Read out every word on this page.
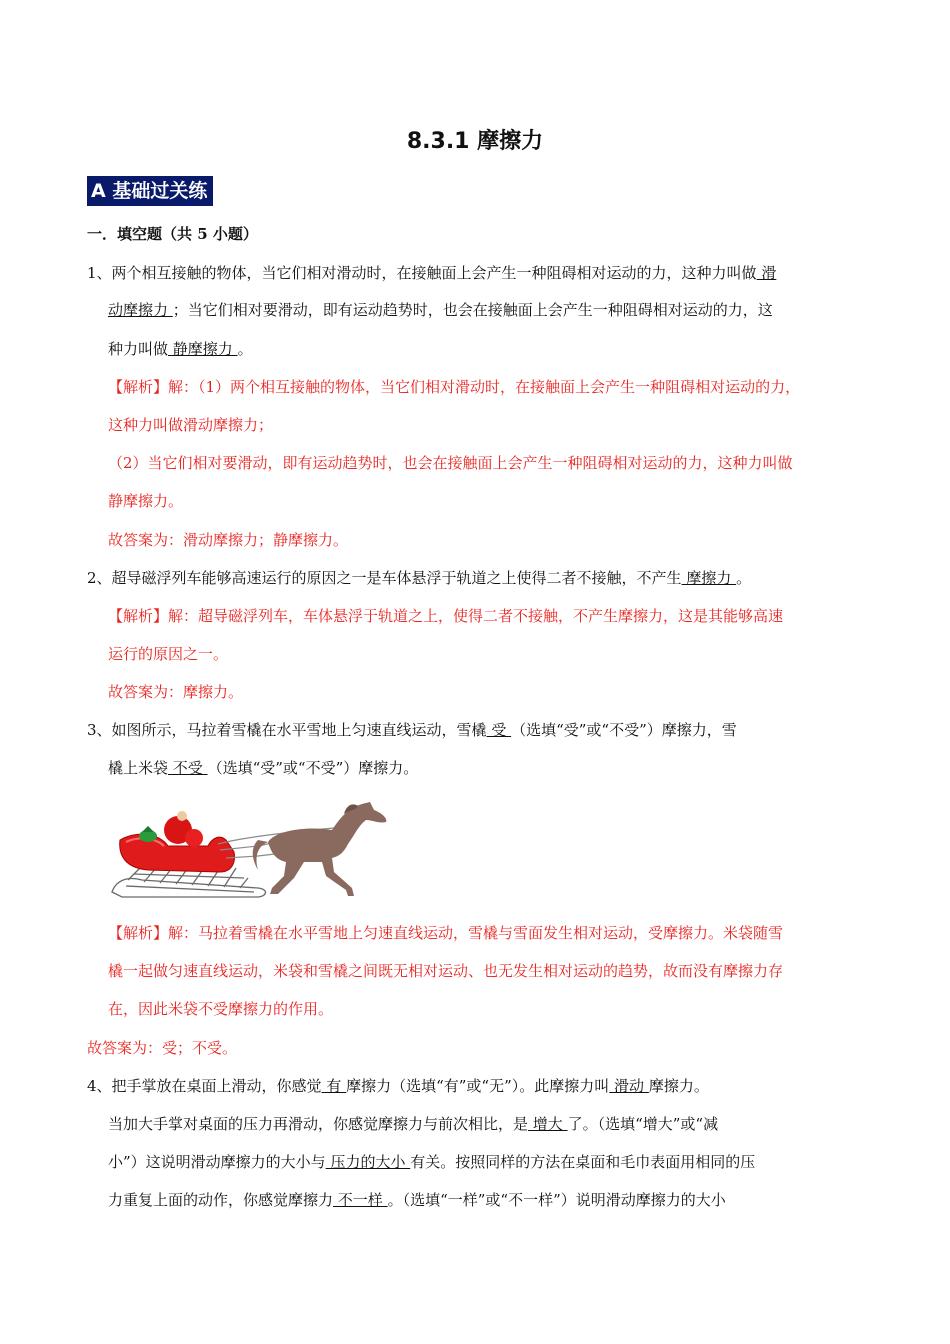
8.3.1 摩擦力
A 基础过关练
一．填空题（共 5 小题）
1、两个相互接触的物体，当它们相对滑动时，在接触面上会产生一种阻碍相对运动的力，这种力叫做 滑
动摩擦力 ；当它们相对要滑动，即有运动趋势时，也会在接触面上会产生一种阻碍相对运动的力，这
种力叫做 静摩擦力 。
【解析】解：（1）两个相互接触的物体，当它们相对滑动时，在接触面上会产生一种阻碍相对运动的力，
这种力叫做滑动摩擦力；
（2）当它们相对要滑动，即有运动趋势时，也会在接触面上会产生一种阻碍相对运动的力，这种力叫做
静摩擦力。
故答案为：滑动摩擦力；静摩擦力。
2、超导磁浮列车能够高速运行的原因之一是车体悬浮于轨道之上使得二者不接触，不产生 摩擦力 。
【解析】解：超导磁浮列车，车体悬浮于轨道之上，使得二者不接触，不产生摩擦力，这是其能够高速
运行的原因之一。
故答案为：摩擦力。
3、如图所示，马拉着雪橇在水平雪地上匀速直线运动，雪橇 受 （选填“受”或“不受”）摩擦力，雪
橇上米袋 不受 （选填“受”或“不受”）摩擦力。
【解析】解：马拉着雪橇在水平雪地上匀速直线运动，雪橇与雪面发生相对运动，受摩擦力。米袋随雪
橇一起做匀速直线运动，米袋和雪橇之间既无相对运动、也无发生相对运动的趋势，故而没有摩擦力存
在，因此米袋不受摩擦力的作用。
故答案为：受；不受。
4、把手掌放在桌面上滑动，你感觉 有 摩擦力（选填“有”或“无”）。此摩擦力叫 滑动 摩擦力。
当加大手掌对桌面的压力再滑动，你感觉摩擦力与前次相比，是 增大 了。（选填“增大”或“减
小”）这说明滑动摩擦力的大小与 压力的大小 有关。按照同样的方法在桌面和毛巾表面用相同的压
力重复上面的动作，你感觉摩擦力 不一样 。（选填“一样”或“不一样”）说明滑动摩擦力的大小
